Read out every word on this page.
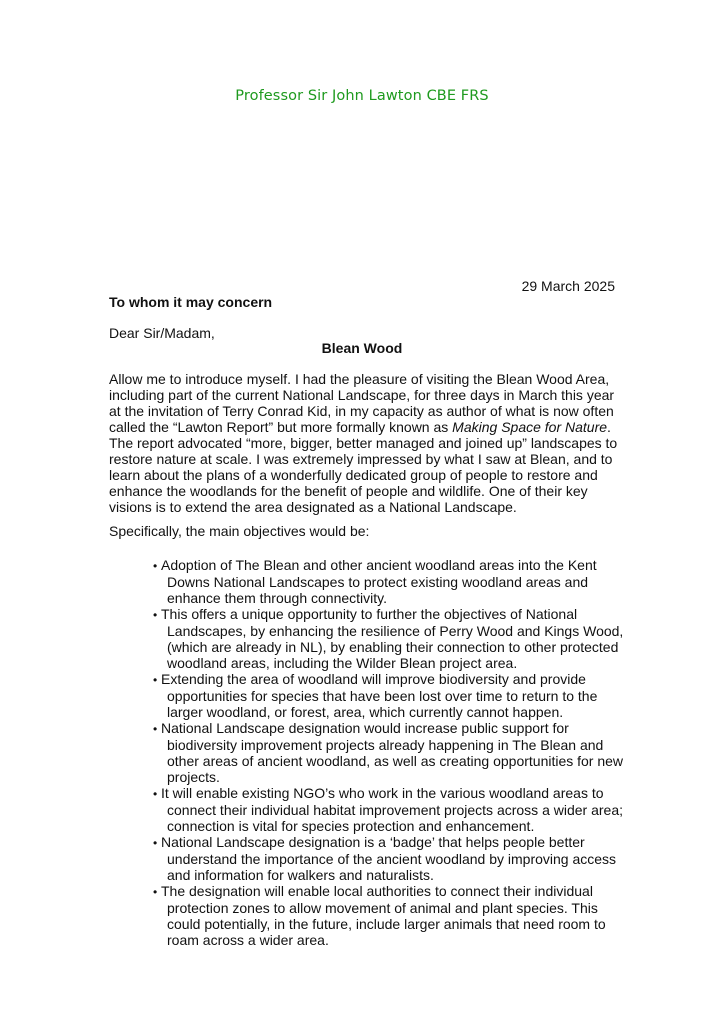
Professor Sir John Lawton CBE FRS
29 March 2025
To whom it may concern
Dear Sir/Madam,
Blean Wood

Allow me to introduce myself. I had the pleasure of visiting the Blean Wood Area, including part of the current National Landscape, for three days in March this year at the invitation of Terry Conrad Kid, in my capacity as author of what is now often called the “Lawton Report” but more formally known as Making Space for Nature. The report advocated “more, bigger, better managed and joined up” landscapes to restore nature at scale. I was extremely impressed by what I saw at Blean, and to learn about the plans of a wonderfully dedicated group of people to restore and enhance the woodlands for the benefit of people and wildlife. One of their key visions is to extend the area designated as a National Landscape.

Specifically, the main objectives would be:

• Adoption of The Blean and other ancient woodland areas into the Kent Downs National Landscapes to protect existing woodland areas and enhance them through connectivity.
• This offers a unique opportunity to further the objectives of National Landscapes, by enhancing the resilience of Perry Wood and Kings Wood, (which are already in NL), by enabling their connection to other protected woodland areas, including the Wilder Blean project area.
• Extending the area of woodland will improve biodiversity and provide opportunities for species that have been lost over time to return to the larger woodland, or forest, area, which currently cannot happen.
• National Landscape designation would increase public support for biodiversity improvement projects already happening in The Blean and other areas of ancient woodland, as well as creating opportunities for new projects.
• It will enable existing NGO’s who work in the various woodland areas to connect their individual habitat improvement projects across a wider area; connection is vital for species protection and enhancement.
• National Landscape designation is a ‘badge’ that helps people better understand the importance of the ancient woodland by improving access and information for walkers and naturalists.
• The designation will enable local authorities to connect their individual protection zones to allow movement of animal and plant species. This could potentially, in the future, include larger animals that need room to roam across a wider area.
